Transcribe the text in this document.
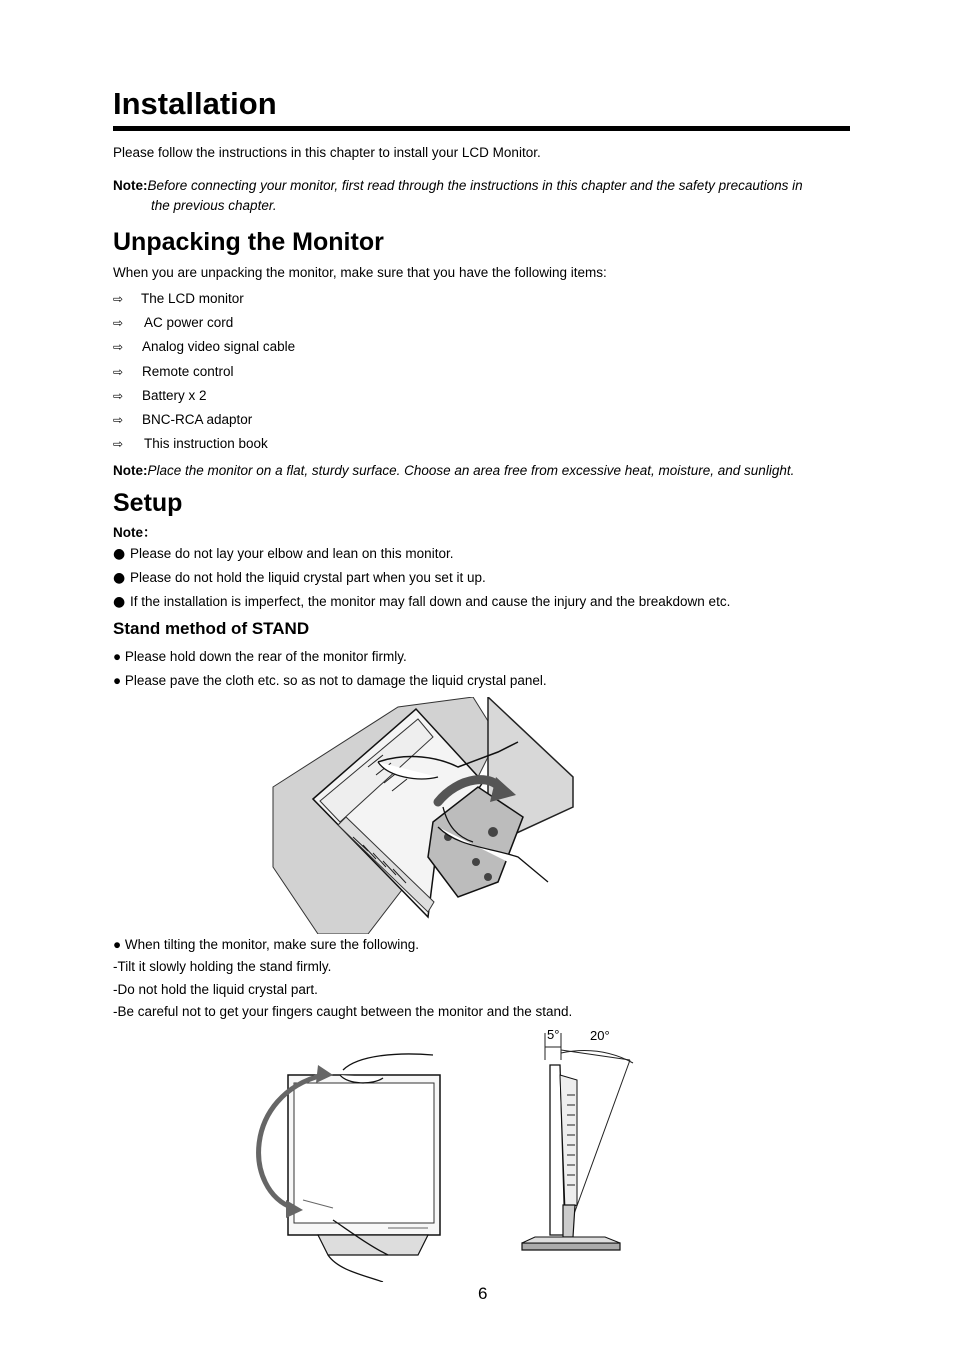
Installation
Please follow the instructions in this chapter to install your LCD Monitor.
Note:Before connecting your monitor, first read through the instructions in this chapter and the safety precautions in
the previous chapter.
Unpacking the Monitor
When you are unpacking the monitor, make sure that you have the following items:
⇨ The LCD monitor
⇨ AC power cord
⇨ Analog video signal cable
⇨ Remote control
⇨ Battery x 2
⇨ BNC-RCA adaptor
⇨ This instruction book
Note:Place the monitor on a flat, sturdy surface. Choose an area free from excessive heat, moisture, and sunlight.
Setup
Note：
● Please do not lay your elbow and lean on this monitor.
● Please do not hold the liquid crystal part when you set it up.
● If the installation is imperfect, the monitor may fall down and cause the injury and the breakdown etc.
Stand method of STAND
● Please hold down the rear of the monitor firmly.
● Please pave the cloth etc. so as not to damage the liquid crystal panel.
● When tilting the monitor, make sure the following.
-Tilt it slowly holding the stand firmly.
-Do not hold the liquid crystal part.
-Be careful not to get your fingers caught between the monitor and the stand.
5° 20°
6
